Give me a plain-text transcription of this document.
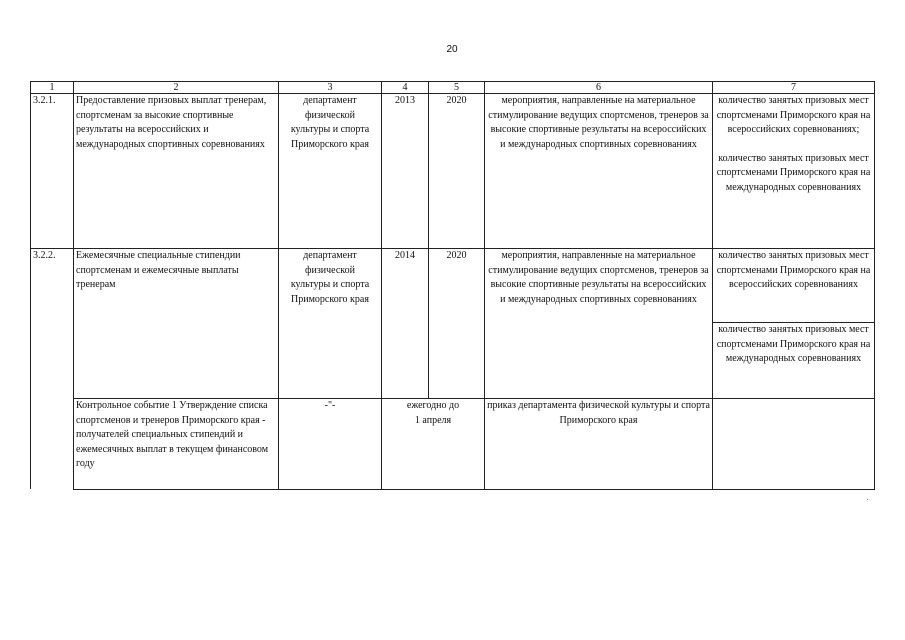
20
1	2	3	4	5	6	7
3.2.1.	Предоставление призовых выплат тренерам, спортсменам за высокие спортивные результаты на всероссийских и международных спортивных соревнованиях	департамент физической культуры и спорта Приморского края	2013	2020	мероприятия, направленные на материальное стимулирование ведущих спортсменов, тренеров за высокие спортивные результаты на всероссийских и международных спортивных соревнованиях	количество занятых призовых мест спортсменами Приморского края на всероссийских соревнованиях;
количество занятых призовых мест спортсменами Приморского края на международных соревнованиях

3.2.2.	Ежемесячные специальные стипендии спортсменам и ежемесячные выплаты тренерам	департамент физической культуры и спорта Приморского края	2014	2020	мероприятия, направленные на материальное стимулирование ведущих спортсменов, тренеров за высокие спортивные результаты на всероссийских и международных спортивных соревнованиях	количество занятых призовых мест спортсменами Приморского края на всероссийских соревнованиях
						количество занятых призовых мест спортсменами Приморского края на международных соревнованиях
	Контрольное событие 1 Утверждение списка спортсменов и тренеров Приморского края - получателей специальных стипендий и ежемесячных выплат в текущем финансовом году	-"-	ежегодно до 1 апреля		приказ департамента физической культуры и спорта Приморского края	
•
